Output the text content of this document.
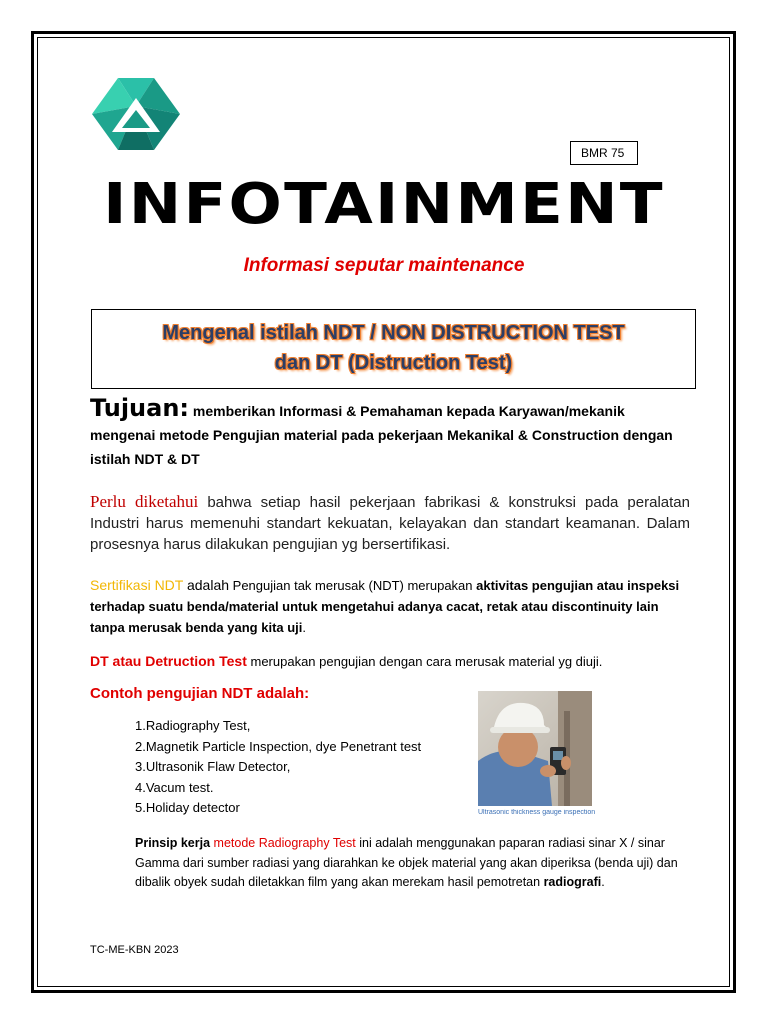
BMR 75
INFOTAINMENT
Informasi seputar maintenance
Mengenal istilah NDT / NON DISTRUCTION TEST
dan DT (Distruction Test)
Tujuan: memberikan Informasi & Pemahaman kepada Karyawan/mekanik mengenai metode Pengujian material pada pekerjaan Mekanikal & Construction dengan istilah NDT & DT
Perlu diketahui bahwa setiap hasil pekerjaan fabrikasi & konstruksi pada peralatan Industri harus memenuhi standart kekuatan, kelayakan dan standart keamanan. Dalam prosesnya harus dilakukan pengujian yg bersertifikasi.
Sertifikasi NDT adalah Pengujian tak merusak (NDT) merupakan aktivitas pengujian atau inspeksi terhadap suatu benda/material untuk mengetahui adanya cacat, retak atau discontinuity lain tanpa merusak benda yang kita uji.
DT atau Detruction Test merupakan pengujian dengan cara merusak material yg diuji.
Contoh pengujian NDT adalah:
1.Radiography Test,
2.Magnetik Particle Inspection, dye Penetrant test
3.Ultrasonik Flaw Detector,
4.Vacum test.
5.Holiday detector	Ultrasonic thickness gauge inspection
Prinsip kerja metode Radiography Test ini adalah menggunakan paparan radiasi sinar X / sinar Gamma dari sumber radiasi yang diarahkan ke objek material yang akan diperiksa (benda uji) dan dibalik obyek sudah diletakkan film yang akan merekam hasil pemotretan radiografi.
TC-ME-KBN 2023
